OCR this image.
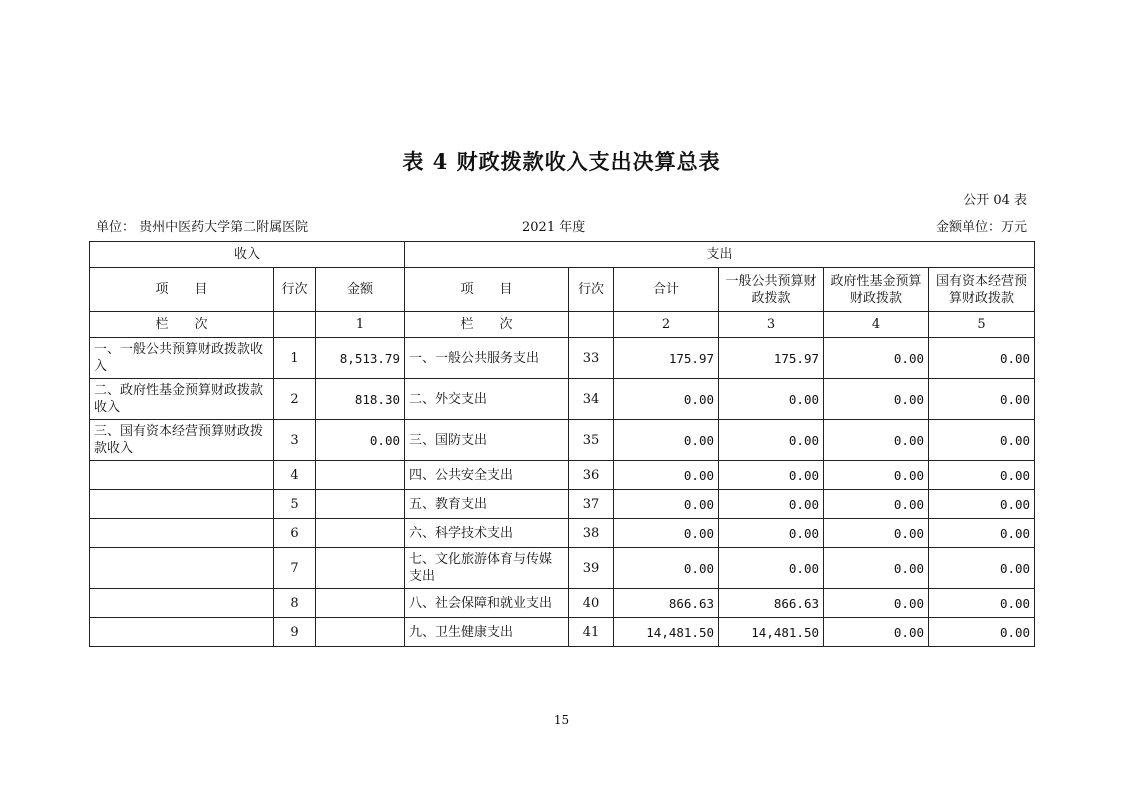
表 4 财政拨款收入支出决算总表
公开 04 表
单位： 贵州中医药大学第二附属医院	2021 年度	金额单位：万元
收入			支出					
项　　目	行次	金额	项　　目	行次	合计	一般公共预算财政拨款	政府性基金预算财政拨款	国有资本经营预算财政拨款
栏　　次		1	栏　　次		2	3	4	5
一、一般公共预算财政拨款收入	1	8,513.79	一、一般公共服务支出	33	175.97	175.97	0.00	0.00
二、政府性基金预算财政拨款收入	2	818.30	二、外交支出	34	0.00	0.00	0.00	0.00
三、国有资本经营预算财政拨款收入	3	0.00	三、国防支出	35	0.00	0.00	0.00	0.00
	4		四、公共安全支出	36	0.00	0.00	0.00	0.00
	5		五、教育支出	37	0.00	0.00	0.00	0.00
	6		六、科学技术支出	38	0.00	0.00	0.00	0.00
	7		七、文化旅游体育与传媒支出	39	0.00	0.00	0.00	0.00
	8		八、社会保障和就业支出	40	866.63	866.63	0.00	0.00
	9		九、卫生健康支出	41	14,481.50	14,481.50	0.00	0.00
15
